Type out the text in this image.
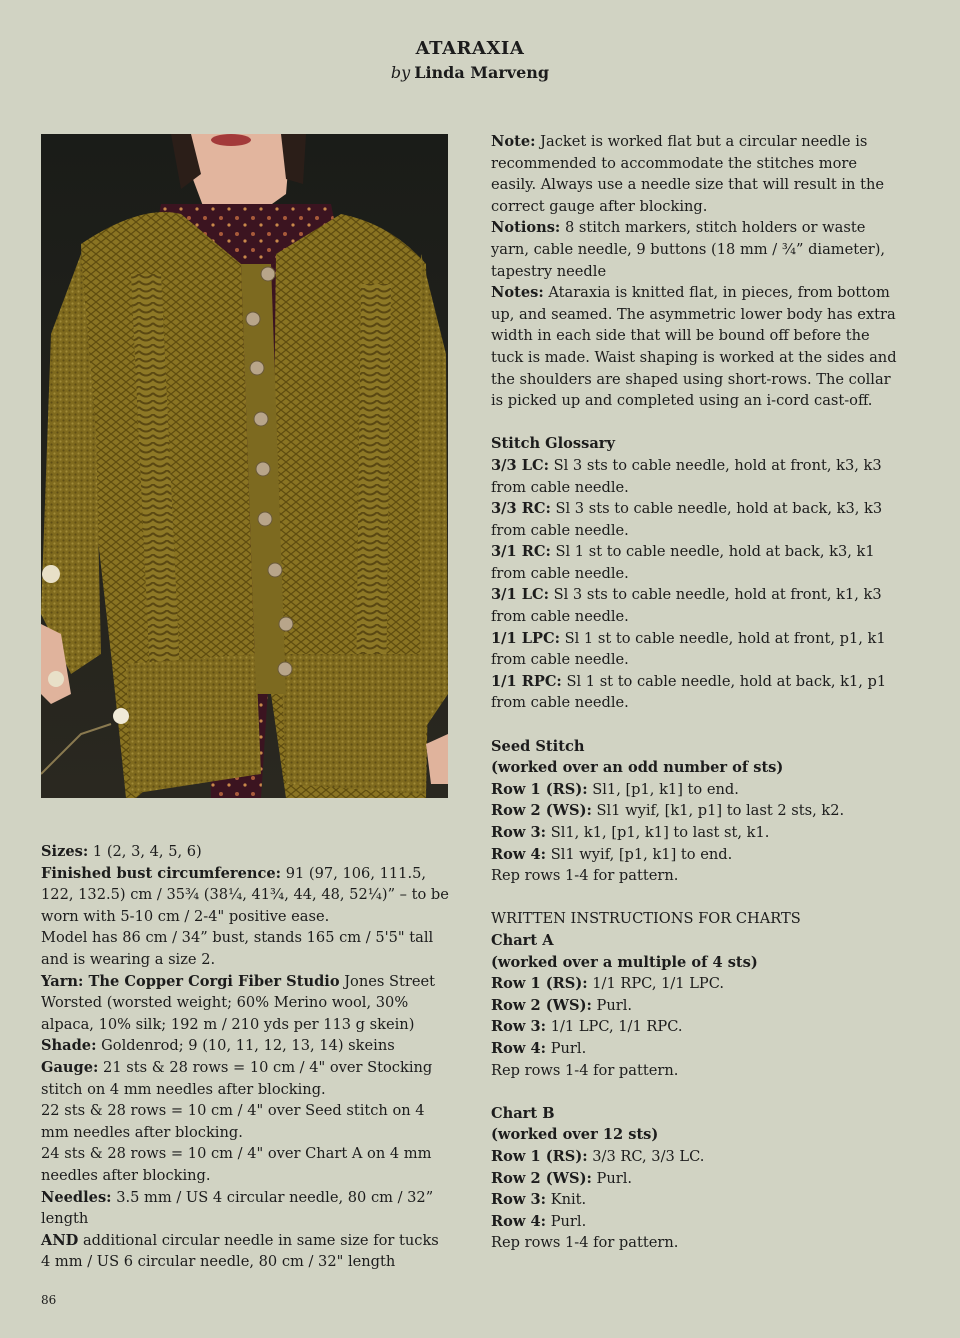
ATARAXIA
by Linda Marveng

Note: Jacket is worked flat but a circular needle is recommended to accommodate the stitches more easily. Always use a needle size that will result in the correct gauge after blocking.

Notions: 8 stitch markers, stitch holders or waste yarn, cable needle, 9 buttons (18 mm / ¾” diameter), tapestry needle

Notes: Ataraxia is knitted flat, in pieces, from bottom up, and seamed. The asymmetric lower body has extra width in each side that will be bound off before the tuck is made. Waist shaping is worked at the sides and the shoulders are shaped using short-rows. The collar is picked up and completed using an i-cord cast-off.

Stitch Glossary

3/3 LC: Sl 3 sts to cable needle, hold at front, k3, k3 from cable needle.

3/3 RC: Sl 3 sts to cable needle, hold at back, k3, k3 from cable needle.

3/1 RC: Sl 1 st to cable needle, hold at back, k3, k1 from cable needle.

3/1 LC: Sl 3 sts to cable needle, hold at front, k1, k3 from cable needle.

1/1 LPC: Sl 1 st to cable needle, hold at front, p1, k1 from cable needle.

1/1 RPC: Sl 1 st to cable needle, hold at back, k1, p1 from cable needle.

Seed Stitch

(worked over an odd number of sts)

Row 1 (RS): Sl1, [p1, k1] to end.

Row 2 (WS): Sl1 wyif, [k1, p1] to last 2 sts, k2.

Row 3: Sl1, k1, [p1, k1] to last st, k1.

Row 4: Sl1 wyif, [p1, k1] to end.

Rep rows 1-4 for pattern.

WRITTEN INSTRUCTIONS FOR CHARTS

Chart A

(worked over a multiple of 4 sts)

Row 1 (RS): 1/1 RPC, 1/1 LPC.

Row 2 (WS): Purl.

Row 3: 1/1 LPC, 1/1 RPC.

Row 4: Purl.

Rep rows 1-4 for pattern.

Chart B

(worked over 12 sts)

Row 1 (RS): 3/3 RC, 3/3 LC.

Row 2 (WS): Purl.

Row 3: Knit.

Row 4: Purl.

Rep rows 1-4 for pattern.

Sizes: 1 (2, 3, 4, 5, 6)

Finished bust circumference: 91 (97, 106, 111.5, 122, 132.5) cm / 35¾ (38¼, 41¾, 44, 48, 52¼)” – to be worn with 5-10 cm / 2-4" positive ease.

Model has 86 cm / 34” bust, stands 165 cm / 5'5" tall and is wearing a size 2.

Yarn: The Copper Corgi Fiber Studio Jones Street Worsted (worsted weight; 60% Merino wool, 30% alpaca, 10% silk; 192 m / 210 yds per 113 g skein)

Shade: Goldenrod; 9 (10, 11, 12, 13, 14) skeins

Gauge: 21 sts & 28 rows = 10 cm / 4" over Stocking stitch on 4 mm needles after blocking.

22 sts & 28 rows = 10 cm / 4" over Seed stitch on 4 mm needles after blocking.

24 sts & 28 rows = 10 cm / 4" over Chart A on 4 mm needles after blocking.

Needles: 3.5 mm / US 4 circular needle, 80 cm / 32” length

AND additional circular needle in same size for tucks

4 mm / US 6 circular needle, 80 cm / 32" length

86
